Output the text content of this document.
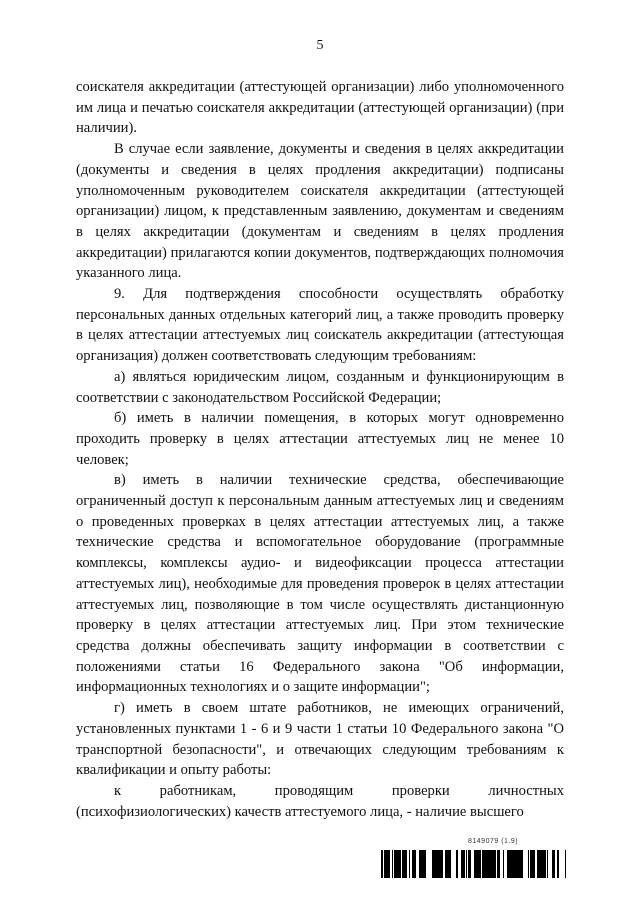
5

соискателя аккредитации (аттестующей организации) либо уполномоченного им лица и печатью соискателя аккредитации (аттестующей организации) (при наличии).

В случае если заявление, документы и сведения в целях аккредитации (документы и сведения в целях продления аккредитации) подписаны уполномоченным руководителем соискателя аккредитации (аттестующей организации) лицом, к представленным заявлению, документам и сведениям в целях аккредитации (документам и сведениям в целях продления аккредитации) прилагаются копии документов, подтверждающих полномочия указанного лица.

9. Для подтверждения способности осуществлять обработку персональных данных отдельных категорий лиц, а также проводить проверку в целях аттестации аттестуемых лиц соискатель аккредитации (аттестующая организация) должен соответствовать следующим требованиям:

а) являться юридическим лицом, созданным и функционирующим в соответствии с законодательством Российской Федерации;

б) иметь в наличии помещения, в которых могут одновременно проходить проверку в целях аттестации аттестуемых лиц не менее 10 человек;

в) иметь в наличии технические средства, обеспечивающие ограниченный доступ к персональным данным аттестуемых лиц и сведениям о проведенных проверках в целях аттестации аттестуемых лиц, а также технические средства и вспомогательное оборудование (программные комплексы, комплексы аудио- и видеофиксации процесса аттестации аттестуемых лиц), необходимые для проведения проверок в целях аттестации аттестуемых лиц, позволяющие в том числе осуществлять дистанционную проверку в целях аттестации аттестуемых лиц. При этом технические средства должны обеспечивать защиту информации в соответствии с положениями статьи 16 Федерального закона "Об информации, информационных технологиях и о защите информации";

г) иметь в своем штате работников, не имеющих ограничений, установленных пунктами 1 - 6 и 9 части 1 статьи 10 Федерального закона "О транспортной безопасности", и отвечающих следующим требованиям к квалификации и опыту работы:

к работникам, проводящим проверки личностных (психофизиологических) качеств аттестуемого лица, - наличие высшего

8149079 (1.9)
